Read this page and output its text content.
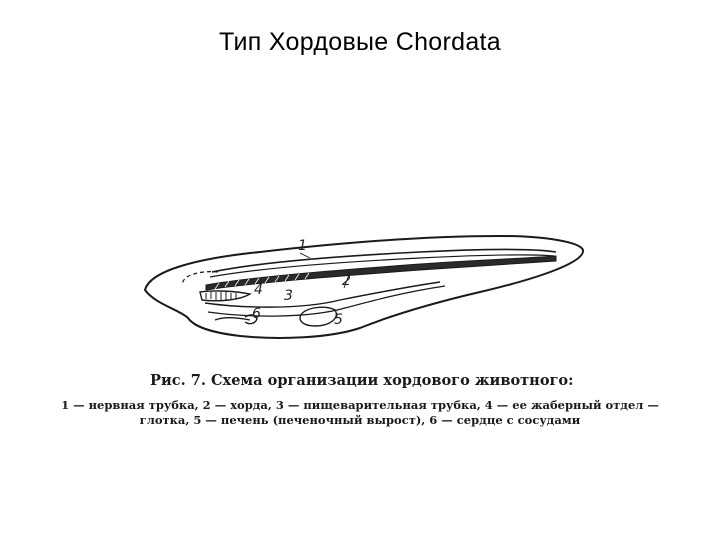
Тип Хордовые Chordata
1
2
3
4
5
6
Рис. 7. Схема организации хордового животного:
1 — нервная трубка, 2 — хорда, 3 — пищеварительная трубка, 4 — ее жаберный отдел —
глотка, 5 — печень (печеночный вырост), 6 — сердце с сосудами
